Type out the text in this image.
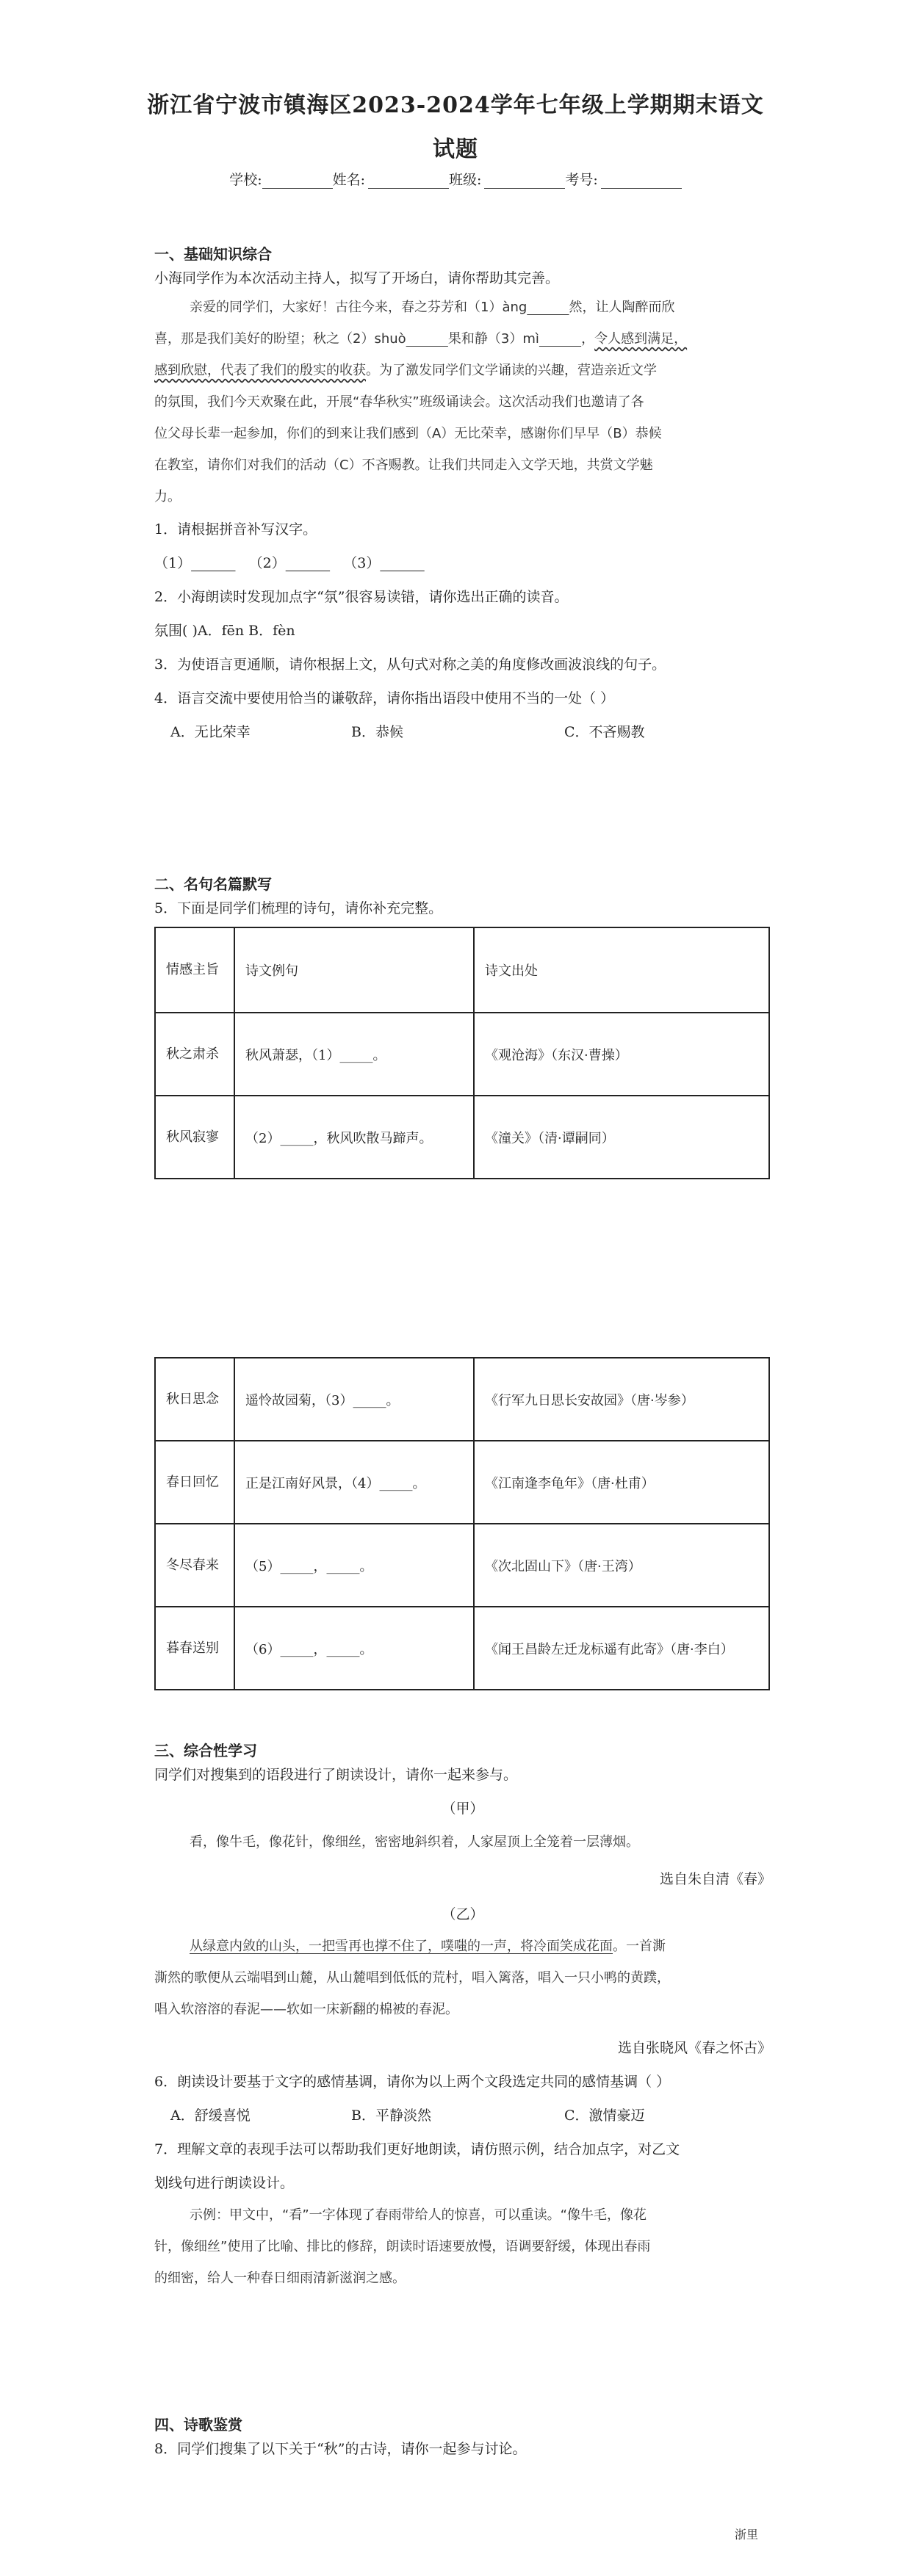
浙江省宁波市镇海区2023-2024学年七年级上学期期末语文
试题
学校:	姓名:	班级:	考号:
一、基础知识综合
小海同学作为本次活动主持人，拟写了开场白，请你帮助其完善。
亲爱的同学们，大家好！古往今来，春之芬芳和（1）àng	然，让人陶醉而欣
喜，那是我们美好的盼望；秋之（2）shuò	果和静（3）mì	，令人感到满足，
感到欣慰，代表了我们的殷实的收获。为了激发同学们文学诵读的兴趣，营造亲近文学
的氛围，我们今天欢聚在此，开展“春华秋实”班级诵读会。这次活动我们也邀请了各
位父母长辈一起参加，你们的到来让我们感到（A）无比荣幸，感谢你们早早（B）恭候
在教室，请你们对我们的活动（C）不吝赐教。让我们共同走入文学天地，共赏文学魅
力。
1．请根据拼音补写汉字。
（1）	（2）	（3）
2．小海朗读时发现加点字“氛”很容易读错，请你选出正确的读音。
氛围( )A．fēn B．fèn
3．为使语言更通顺，请你根据上文，从句式对称之美的角度修改画波浪线的句子。
4．语言交流中要使用恰当的谦敬辞，请你指出语段中使用不当的一处（ ）
A．无比荣幸	B．恭候	C．不吝赐教
二、名句名篇默写
5．下面是同学们梳理的诗句，请你补充完整。
情感主旨	诗文例句	诗文出处
秋之肃杀	秋风萧瑟，（1）_____。	《观沧海》（东汉·曹操）
秋风寂寥	（2）_____，秋风吹散马蹄声。	《潼关》（清·谭嗣同）
秋日思念	遥怜故园菊，（3）_____。	《行军九日思长安故园》（唐·岑参）
春日回忆	正是江南好风景，（4）_____。	《江南逢李龟年》（唐·杜甫）
冬尽春来	（5）_____，_____。	《次北固山下》（唐·王湾）
暮春送别	（6）_____，_____。	《闻王昌龄左迁龙标遥有此寄》（唐·李白）
三、综合性学习
同学们对搜集到的语段进行了朗读设计，请你一起来参与。
（甲）
看，像牛毛，像花针，像细丝，密密地斜织着，人家屋顶上全笼着一层薄烟。
选自朱自清《春》
（乙）
从绿意内敛的山头，一把雪再也撑不住了，噗嗤的一声，将冷面笑成花面。一首澌
澌然的歌便从云端唱到山麓，从山麓唱到低低的荒村，唱入篱落，唱入一只小鸭的黄蹼，
唱入软溶溶的春泥——软如一床新翻的棉被的春泥。
选自张晓风《春之怀古》
6．朗读设计要基于文字的感情基调，请你为以上两个文段选定共同的感情基调（ ）
A．舒缓喜悦	B．平静淡然	C．激情豪迈
7．理解文章的表现手法可以帮助我们更好地朗读，请仿照示例，结合加点字，对乙文
划线句进行朗读设计。
示例：甲文中，“看”一字体现了春雨带给人的惊喜，可以重读。“像牛毛，像花
针，像细丝”使用了比喻、排比的修辞，朗读时语速要放慢，语调要舒缓，体现出春雨
的细密，给人一种春日细雨清新滋润之感。
四、诗歌鉴赏
8．同学们搜集了以下关于“秋”的古诗，请你一起参与讨论。
浙里
